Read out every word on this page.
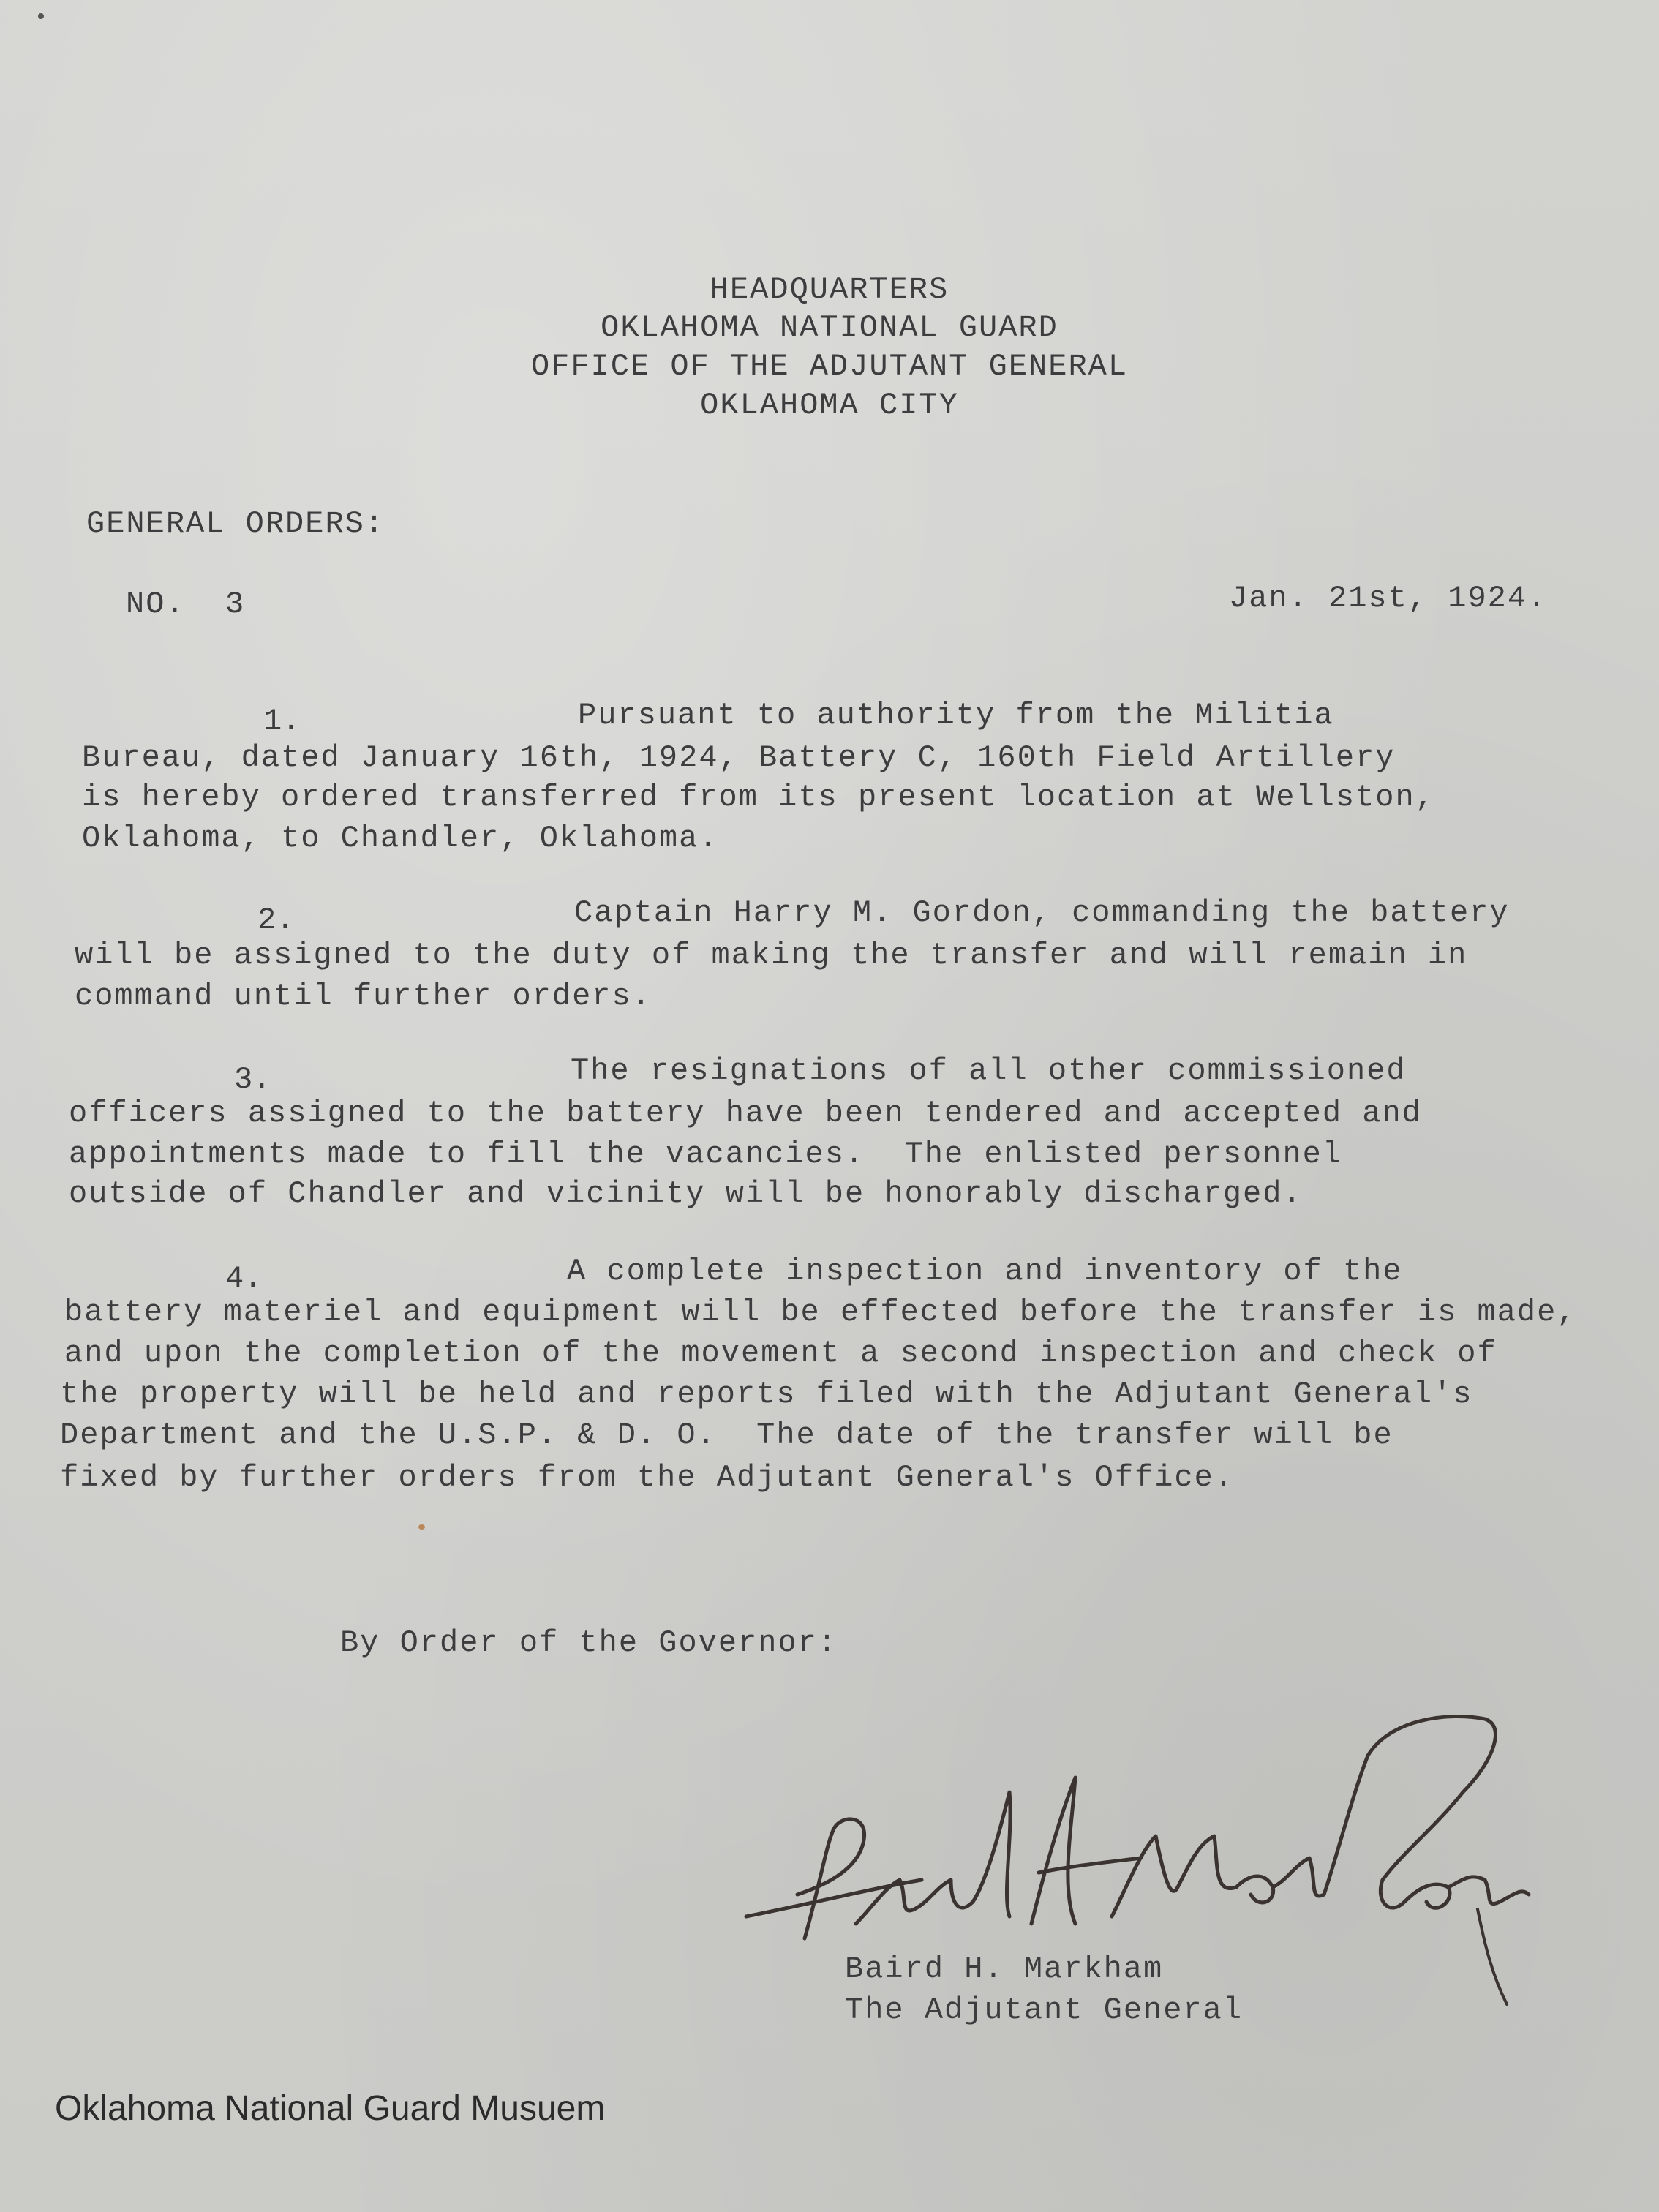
HEADQUARTERS
OKLAHOMA NATIONAL GUARD
OFFICE OF THE ADJUTANT GENERAL
OKLAHOMA CITY
GENERAL ORDERS:
NO.  3	Jan. 21st, 1924.
1.	Pursuant to authority from the Militia
Bureau, dated January 16th, 1924, Battery C, 160th Field Artillery
is hereby ordered transferred from its present location at Wellston,
Oklahoma, to Chandler, Oklahoma.
2.	Captain Harry M. Gordon, commanding the battery
will be assigned to the duty of making the transfer and will remain in
command until further orders.
3.	The resignations of all other commissioned
officers assigned to the battery have been tendered and accepted and
appointments made to fill the vacancies.  The enlisted personnel
outside of Chandler and vicinity will be honorably discharged.
4.	A complete inspection and inventory of the
battery materiel and equipment will be effected before the transfer is made,
and upon the completion of the movement a second inspection and check of
the property will be held and reports filed with the Adjutant General's
Department and the U.S.P. & D. O.  The date of the transfer will be
fixed by further orders from the Adjutant General's Office.
By Order of the Governor:
Baird H. Markham
The Adjutant General
Oklahoma National Guard Musuem
